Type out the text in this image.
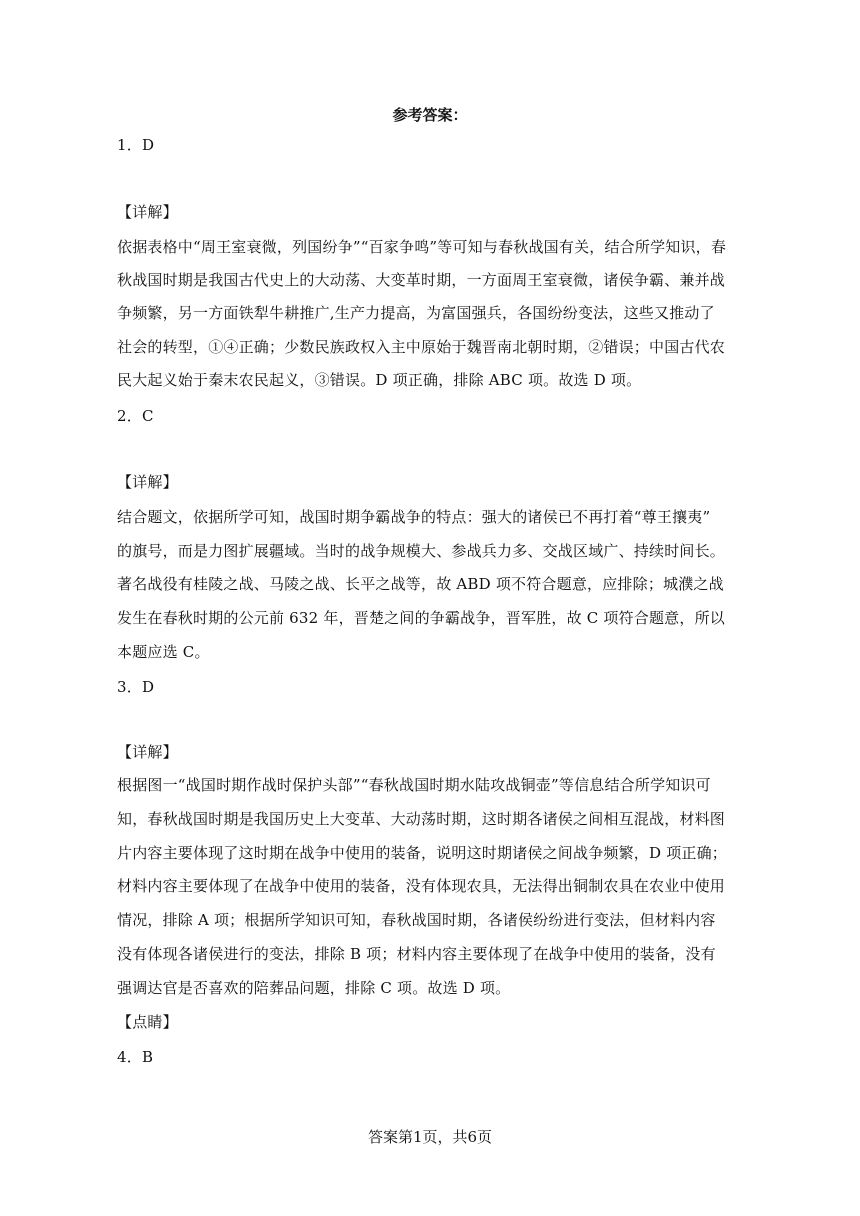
参考答案：
1．D
【详解】
依据表格中“周王室衰微，列国纷争”“百家争鸣”等可知与春秋战国有关，结合所学知识，春
秋战国时期是我国古代史上的大动荡、大变革时期，一方面周王室衰微，诸侯争霸、兼并战
争频繁，另一方面铁犁牛耕推广,生产力提高，为富国强兵，各国纷纷变法，这些又推动了
社会的转型，①④正确；少数民族政权入主中原始于魏晋南北朝时期，②错误；中国古代农
民大起义始于秦末农民起义，③错误。D 项正确，排除 ABC 项。故选 D 项。
2．C
【详解】
结合题文，依据所学可知，战国时期争霸战争的特点：强大的诸侯已不再打着“尊王攘夷”
的旗号，而是力图扩展疆域。当时的战争规模大、参战兵力多、交战区域广、持续时间长。
著名战役有桂陵之战、马陵之战、长平之战等，故 ABD 项不符合题意，应排除；城濮之战
发生在春秋时期的公元前 632 年，晋楚之间的争霸战争，晋军胜，故 C 项符合题意，所以
本题应选 C。
3．D
【详解】
根据图一“战国时期作战时保护头部”“春秋战国时期水陆攻战铜壶”等信息结合所学知识可
知，春秋战国时期是我国历史上大变革、大动荡时期，这时期各诸侯之间相互混战，材料图
片内容主要体现了这时期在战争中使用的装备，说明这时期诸侯之间战争频繁，D 项正确；
材料内容主要体现了在战争中使用的装备，没有体现农具，无法得出铜制农具在农业中使用
情况，排除 A 项；根据所学知识可知，春秋战国时期，各诸侯纷纷进行变法，但材料内容
没有体现各诸侯进行的变法，排除 B 项；材料内容主要体现了在战争中使用的装备，没有
强调达官是否喜欢的陪葬品问题，排除 C 项。故选 D 项。
【点睛】
4．B
答案第1页，共6页
